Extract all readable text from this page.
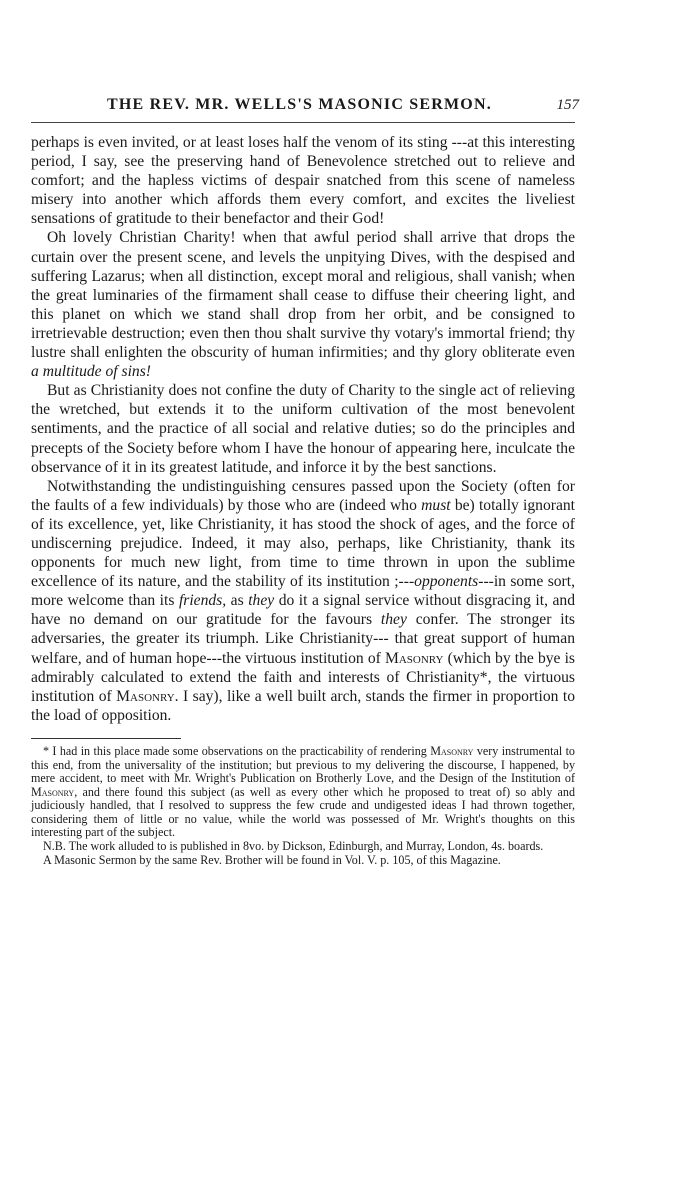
THE REV. MR. WELLS'S MASONIC SERMON.	157

perhaps is even invited, or at least loses half the venom of its sting ---at this interesting period, I say, see the preserving hand of Benevolence stretched out to relieve and comfort; and the hapless victims of despair snatched from this scene of nameless misery into another which affords them every comfort, and excites the liveliest sensations of gratitude to their benefactor and their God!

Oh lovely Christian Charity! when that awful period shall arrive that drops the curtain over the present scene, and levels the unpitying Dives, with the despised and suffering Lazarus; when all distinction, except moral and religious, shall vanish; when the great luminaries of the firmament shall cease to diffuse their cheering light, and this planet on which we stand shall drop from her orbit, and be consigned to irretrievable destruction; even then thou shalt survive thy votary's immortal friend; thy lustre shall enlighten the obscurity of human infirmities; and thy glory obliterate even a multitude of sins!

But as Christianity does not confine the duty of Charity to the single act of relieving the wretched, but extends it to the uniform cultivation of the most benevolent sentiments, and the practice of all social and relative duties; so do the principles and precepts of the Society before whom I have the honour of appearing here, inculcate the observance of it in its greatest latitude, and inforce it by the best sanctions.

Notwithstanding the undistinguishing censures passed upon the Society (often for the faults of a few individuals) by those who are (indeed who must be) totally ignorant of its excellence, yet, like Christianity, it has stood the shock of ages, and the force of undiscerning prejudice. Indeed, it may also, perhaps, like Christianity, thank its opponents for much new light, from time to time thrown in upon the sublime excellence of its nature, and the stability of its institution ;---opponents---in some sort, more welcome than its friends, as they do it a signal service without disgracing it, and have no demand on our gratitude for the favours they confer. The stronger its adversaries, the greater its triumph. Like Christianity--- that great support of human welfare, and of human hope---the virtuous institution of Masonry (which by the bye is admirably calculated to extend the faith and interests of Christianity*, the virtuous institution of Masonry. I say), like a well built arch, stands the firmer in proportion to the load of opposition.

* I had in this place made some observations on the practicability of rendering Masonry very instrumental to this end, from the universality of the institution; but previous to my delivering the discourse, I happened, by mere accident, to meet with Mr. Wright's Publication on Brotherly Love, and the Design of the Institution of Masonry, and there found this subject (as well as every other which he proposed to treat of) so ably and judiciously handled, that I resolved to suppress the few crude and undigested ideas I had thrown together, considering them of little or no value, while the world was possessed of Mr. Wright's thoughts on this interesting part of the subject.

N.B. The work alluded to is published in 8vo. by Dickson, Edinburgh, and Murray, London, 4s. boards.

A Masonic Sermon by the same Rev. Brother will be found in Vol. V. p. 105, of this Magazine.
